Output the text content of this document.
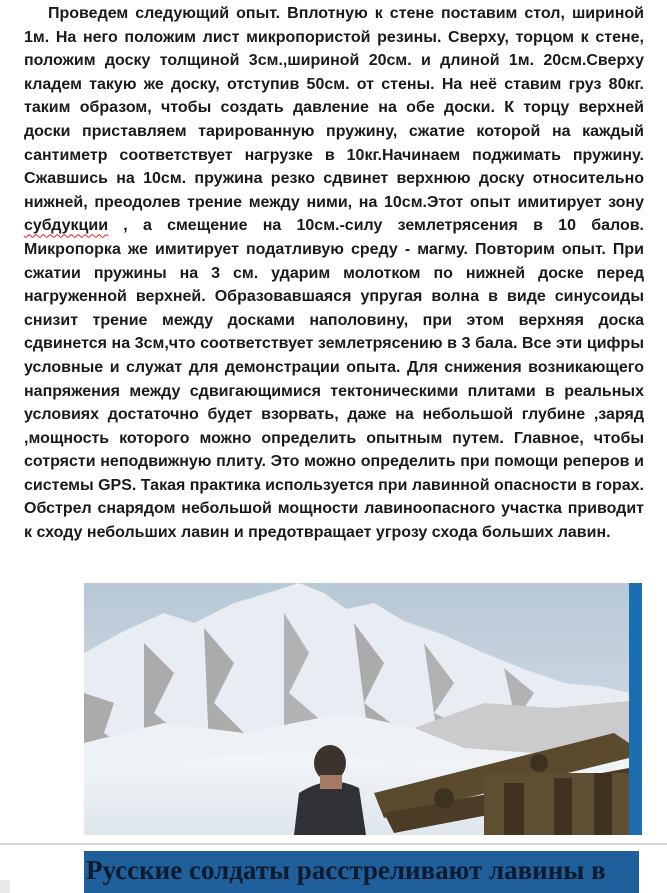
Проведем следующий опыт. Вплотную к стене поставим стол, шириной 1м. На него положим лист микропористой резины. Сверху, торцом к стене, положим доску толщиной 3см.,шириной 20см. и длиной 1м. 20см.Сверху кладем такую же доску, отступив 50см. от стены. На неё ставим груз 80кг. таким образом, чтобы создать давление на обе доски. К торцу верхней доски приставляем тарированную пружину, сжатие которой на каждый сантиметр соответствует нагрузке в 10кг.Начинаем поджимать пружину. Сжавшись на 10см. пружина резко сдвинет верхнюю доску относительно нижней, преодолев трение между ними, на 10см.Этот опыт имитирует зону субдукции , а смещение на 10см.-силу землетрясения в 10 балов. Микропорка же имитирует податливую среду - магму. Повторим опыт. При сжатии пружины на 3 см. ударим молотком по нижней доске перед нагруженной верхней. Образовавшаяся упругая волна в виде синусоиды снизит трение между досками наполовину, при этом верхняя доска сдвинется на 3см,что соответствует землетрясению в 3 бала. Все эти цифры условные и служат для демонстрации опыта. Для снижения возникающего напряжения между сдвигающимися тектоническими плитами в реальных условиях достаточно будет взорвать, даже на небольшой глубине ,заряд ,мощность которого можно определить опытным путем. Главное, чтобы сотрясти неподвижную плиту. Это можно определить при помощи реперов и системы GPS. Такая практика используется при лавинной опасности в горах. Обстрел снарядом небольшой мощности лавиноопасного участка приводит к сходу небольших лавин и предотвращает угрозу схода больших лавин.

Русские солдаты расстреливают лавины в
